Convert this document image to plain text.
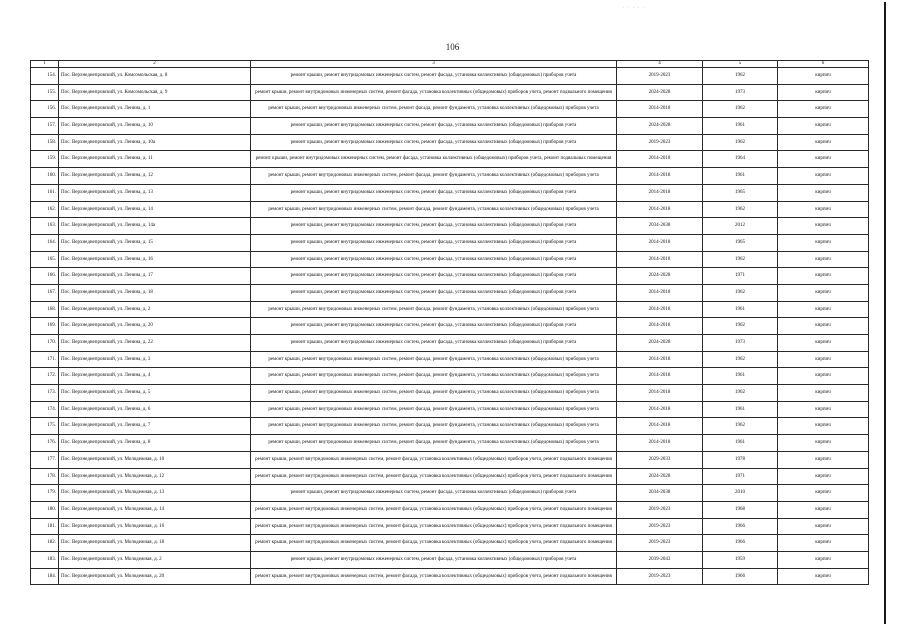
· · · · ·
106
1	2	3	4	5	6
154.	Пос. Верхнеднепровский, ул. Комсомольская, д. 8	ремонт крыши, ремонт внутридомовых инженерных систем, ремонт фасада, установка коллективных (общедомовых) приборов учета	2019-2023	1962	кирпич
155.	Пос. Верхнеднепровский, ул. Комсомольская, д. 9	ремонт крыши, ремонт внутридомовых инженерных систем, ремонт фасада, установка коллективных (общедомовых) приборов учета, ремонт подвального помещения	2024-2028	1973	кирпич
156.	Пос. Верхнеднепровский, ул. Ленина, д. 1	ремонт крыши, ремонт внутридомовых инженерных систем, ремонт фасада, ремонт фундамента, установка коллективных (общедомовых) приборов учета	2014-2018	1962	кирпич
157.	Пос. Верхнеднепровский, ул. Ленина, д. 10	ремонт крыши, ремонт внутридомовых инженерных систем, ремонт фасада, установка коллективных (общедомовых) приборов учета	2024-2028	1961	кирпич
158.	Пос. Верхнеднепровский, ул. Ленина, д. 10а	ремонт крыши, ремонт внутридомовых инженерных систем, ремонт фасада, установка коллективных (общедомовых) приборов учета	2019-2023	1962	кирпич
159.	Пос. Верхнеднепровский, ул. Ленина, д. 11	ремонт крыши, ремонт внутридомовых инженерных систем, ремонт фасада, установка коллективных (общедомовых) приборов учета, ремонт подвальных помещения	2014-2018	1964	кирпич
160.	Пос. Верхнеднепровский, ул. Ленина, д. 12	ремонт крыши, ремонт внутридомовых инженерных систем, ремонт фасада, ремонт фундамента, установка коллективных (общедомовых) приборов учета	2014-2018	1961	кирпич
161.	Пос. Верхнеднепровский, ул. Ленина, д. 13	ремонт крыши, ремонт внутридомовых инженерных систем, ремонт фасада, установка коллективных (общедомовых) приборов учета	2014-2018	1965	кирпич
162.	Пос. Верхнеднепровский, ул. Ленина, д. 14	ремонт крыши, ремонт внутридомовых инженерных систем, ремонт фасада, ремонт фундамента, установка коллективных (общедомовых) приборов учета	2014-2018	1962	кирпич
163.	Пос. Верхнеднепровский, ул. Ленина, д. 14а	ремонт крыши, ремонт внутридомовых инженерных систем, ремонт фасада, установка коллективных (общедомовых) приборов учета	2034-2038	2012	кирпич
164.	Пос. Верхнеднепровский, ул. Ленина, д. 15	ремонт крыши, ремонт внутридомовых инженерных систем, ремонт фасада, установка коллективных (общедомовых) приборов учета	2014-2018	1965	кирпич
165.	Пос. Верхнеднепровский, ул. Ленина, д. 16	ремонт крыши, ремонт внутридомовых инженерных систем, ремонт фасада, установка коллективных (общедомовых) приборов учета	2014-2018	1962	кирпич
166.	Пос. Верхнеднепровский, ул. Ленина, д. 17	ремонт крыши, ремонт внутридомовых инженерных систем, ремонт фасада, установка коллективных (общедомовых) приборов учета	2024-2028	1971	кирпич
167.	Пос. Верхнеднепровский, ул. Ленина, д. 18	ремонт крыши, ремонт внутридомовых инженерных систем, ремонт фасада, установка коллективных (общедомовых) приборов учета	2014-2018	1962	кирпич
168.	Пос. Верхнеднепровский, ул. Ленина, д. 2	ремонт крыши, ремонт внутридомовых инженерных систем, ремонт фасада, ремонт фундамента, установка коллективных (общедомовых) приборов учета	2014-2018	1961	кирпич
169.	Пос. Верхнеднепровский, ул. Ленина, д. 20	ремонт крыши, ремонт внутридомовых инженерных систем, ремонт фасада, установка коллективных (общедомовых) приборов учета	2014-2018	1962	кирпич
170.	Пос. Верхнеднепровский, ул. Ленина, д. 22	ремонт крыши, ремонт внутридомовых инженерных систем, ремонт фасада, установка коллективных (общедомовых) приборов учета	2024-2028	1973	кирпич
171.	Пос. Верхнеднепровский, ул. Ленина, д. 3	ремонт крыши, ремонт внутридомовых инженерных систем, ремонт фасада, ремонт фундамента, установка коллективных (общедомовых) приборов учета	2014-2018	1962	кирпич
172.	Пос. Верхнеднепровский, ул. Ленина, д. 4	ремонт крыши, ремонт внутридомовых инженерных систем, ремонт фасада, ремонт фундамента, установка коллективных (общедомовых) приборов учета	2014-2018	1961	кирпич
173.	Пос. Верхнеднепровский, ул. Ленина, д. 5	ремонт крыши, ремонт внутридомовых инженерных систем, ремонт фасада, ремонт фундамента, установка коллективных (общедомовых) приборов учета	2014-2018	1962	кирпич
174.	Пос. Верхнеднепровский, ул. Ленина, д. 6	ремонт крыши, ремонт внутридомовых инженерных систем, ремонт фасада, ремонт фундамента, установка коллективных (общедомовых) приборов учета	2014-2018	1961	кирпич
175.	Пос. Верхнеднепровский, ул. Ленина, д. 7	ремонт крыши, ремонт внутридомовых инженерных систем, ремонт фасада, ремонт фундамента, установка коллективных (общедомовых) приборов учета	2014-2018	1962	кирпич
176.	Пос. Верхнеднепровский, ул. Ленина, д. 8	ремонт крыши, ремонт внутридомовых инженерных систем, ремонт фасада, ремонт фундамента, установка коллективных (общедомовых) приборов учета	2014-2018	1961	кирпич
177.	Пос. Верхнеднепровский, ул. Молодежная, д. 10	ремонт крыши, ремонт внутридомовых инженерных систем, ремонт фасада, установка коллективных (общедомовых) приборов учета, ремонт подвального помещения	2029-2033	1978	кирпич
178.	Пос. Верхнеднепровский, ул. Молодежная, д. 12	ремонт крыши, ремонт внутридомовых инженерных систем, ремонт фасада, установка коллективных (общедомовых) приборов учета, ремонт подвального помещения	2024-2028	1971	кирпич
179.	Пос. Верхнеднепровский, ул. Молодежная, д. 13	ремонт крыши, ремонт внутридомовых инженерных систем, ремонт фасада, установка коллективных (общедомовых) приборов учета	2034-2038	2010	кирпич
180.	Пос. Верхнеднепровский, ул. Молодежная, д. 14	ремонт крыши, ремонт внутридомовых инженерных систем, ремонт фасада, установка коллективных (общедомовых) приборов учета, ремонт подвального помещения	2019-2023	1968	кирпич
181.	Пос. Верхнеднепровский, ул. Молодежная, д. 16	ремонт крыши, ремонт внутридомовых инженерных систем, ремонт фасада, установка коллективных (общедомовых) приборов учета, ремонт подвального помещения	2019-2023	1966	кирпич
182.	Пос. Верхнеднепровский, ул. Молодежная, д. 18	ремонт крыши, ремонт внутридомовых инженерных систем, ремонт фасада, установка коллективных (общедомовых) приборов учета, ремонт подвального помещения	2019-2023	1966	кирпич
183.	Пос. Верхнеднепровский, ул. Молодежная, д. 2	ремонт крыши, ремонт внутридомовых инженерных систем, ремонт фасада, установка коллективных (общедомовых) приборов учета	2039-2043	1959	кирпич
184.	Пос. Верхнеднепровский, ул. Молодежная, д. 20	ремонт крыши, ремонт внутридомовых инженерных систем, ремонт фасада, установка коллективных (общедомовых) приборов учета, ремонт подвального помещения	2019-2023	1966	кирпич
